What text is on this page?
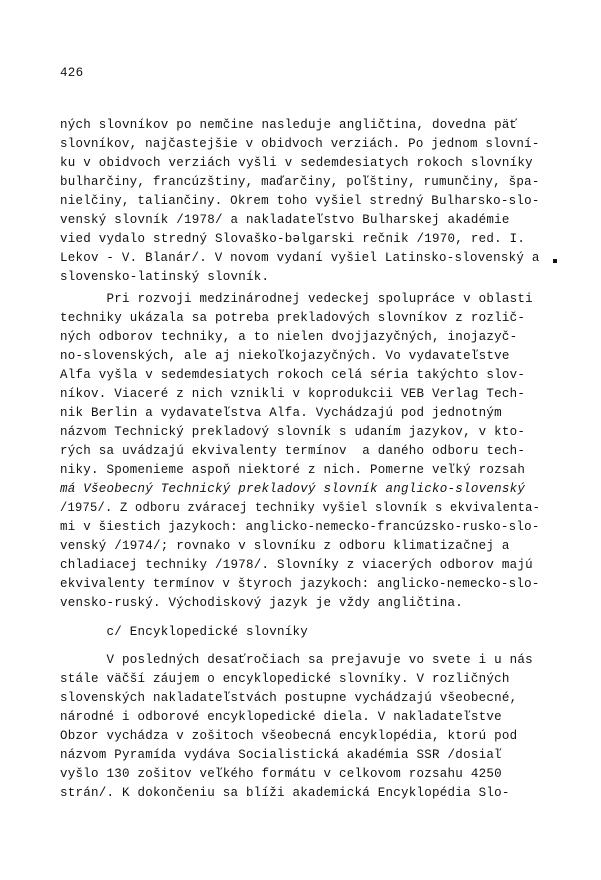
426
ných slovníkov po nemčine nasleduje angličtina, dovedna päť
slovníkov, najčastejšie v obidvoch verziách. Po jednom slovní-
ku v obidvoch verziách vyšli v sedemdesiatych rokoch slovníky
bulharčiny, francúzštiny, maďarčiny, poľštiny, rumunčiny, špa-
nielčiny, taliančiny. Okrem toho vyšiel stredný Bulharsko-slo-
venský slovník /1978/ a nakladateľstvo Bulharskej akadémie
vied vydalo stredný Slovaško-bəlgarski rečnik /1970, red. I.
Lekov - V. Blanár/. V novom vydaní vyšiel Latinsko-slovenský a
slovensko-latinský slovník.
Pri rozvoji medzinárodnej vedeckej spolupráce v oblasti
techniky ukázala sa potreba prekladových slovníkov z rozlič-
ných odborov techniky, a to nielen dvojjazyčných, inojazyč-
no-slovenských, ale aj niekoľkojazyčných. Vo vydavateľstve
Alfa vyšla v sedemdesiatych rokoch celá séria takýchto slov-
níkov. Viaceré z nich vznikli v koprodukcii VEB Verlag Tech-
nik Berlin a vydavateľstva Alfa. Vychádzajú pod jednotným
názvom Technický prekladový slovník s udaním jazykov, v kto-
rých sa uvádzajú ekvivalenty termínov  a daného odboru tech-
niky. Spomenieme aspoň niektoré z nich. Pomerne veľký rozsah
má Všeobecný Technický prekladový slovník anglicko-slovenský
/1975/. Z odboru zváracej techniky vyšiel slovník s ekvivalenta-
mi v šiestich jazykoch: anglicko-nemecko-francúzsko-rusko-slo-
venský /1974/; rovnako v slovníku z odboru klimatizačnej a
chladiacej techniky /1978/. Slovníky z viacerých odborov majú
ekvivalenty termínov v štyroch jazykoch: anglicko-nemecko-slo-
vensko-ruský. Východiskový jazyk je vždy angličtina.
c/ Encyklopedické slovníky
V posledných desaťročiach sa prejavuje vo svete i u nás
stále väčší záujem o encyklopedické slovníky. V rozličných
slovenských nakladateľstvách postupne vychádzajú všeobecné,
národné i odborové encyklopedické diela. V nakladateľstve
Obzor vychádza v zošitoch všeobecná encyklopédia, ktorú pod
názvom Pyramída vydáva Socialistická akadémia SSR /dosiaľ
vyšlo 130 zošitov veľkého formátu v celkovom rozsahu 4250
strán/. K dokončeniu sa blíži akademická Encyklopédia Slo-
